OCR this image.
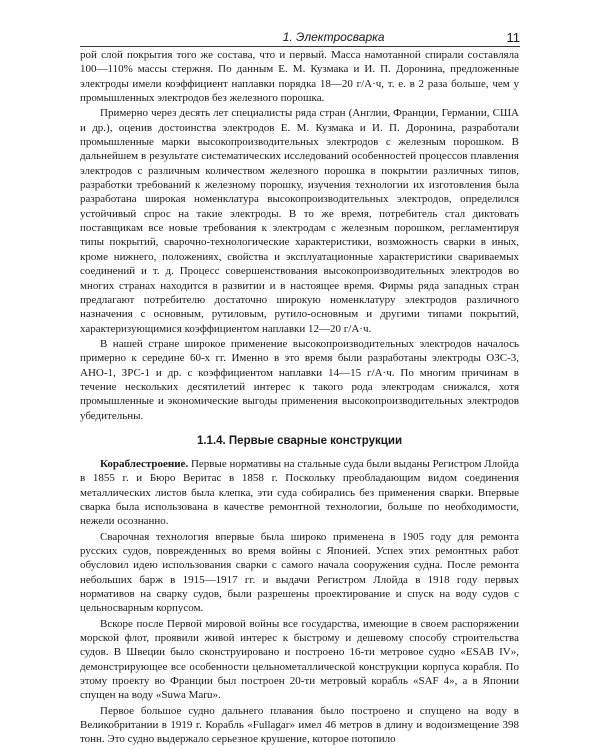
1. Электросварка	11

рой слой покрытия того же состава, что и первый. Масса намотанной спирали составляла 100—110% массы стержня. По данным Е. М. Кузмака и И. П. Доронина, предложенные электроды имели коэффициент наплавки порядка 18—20 г/А·ч, т. е. в 2 раза больше, чем у промышленных электродов без железного порошка.

Примерно через десять лет специалисты ряда стран (Англии, Франции, Германии, США и др.), оценив достоинства электродов Е. М. Кузмака и И. П. Доронина, разработали промышленные марки высокопроизводительных электродов с железным порошком. В дальнейшем в результате систематических исследований особенностей процессов плавления электродов с различным количеством железного порошка в покрытии различных типов, разработки требований к железному порошку, изучения технологии их изготовления была разработана широкая номенклатура высокопроизводительных электродов, определился устойчивый спрос на такие электроды. В то же время, потребитель стал диктовать поставщикам все новые требования к электродам с железным порошком, регламентируя типы покрытий, сварочно-технологические характеристики, возможность сварки в иных, кроме нижнего, положениях, свойства и эксплуатационные характеристики свариваемых соединений и т. д. Процесс совершенствования высокопроизводительных электродов во многих странах находится в развитии и в настоящее время. Фирмы ряда западных стран предлагают потребителю достаточно широкую номенклатуру электродов различного назначения с основным, рутиловым, рутило-основным и другими типами покрытий, характеризующимися коэффициентом наплавки 12—20 г/А·ч.

В нашей стране широкое применение высокопроизводительных электродов началось примерно к середине 60-х гг. Именно в это время были разработаны электроды ОЗС-3, АНО-1, ЗРС-1 и др. с коэффициентом наплавки 14—15 г/А·ч. По многим причинам в течение нескольких десятилетий интерес к такого рода электродам снижался, хотя промышленные и экономические выгоды применения высокопроизводительных электродов убедительны.

1.1.4. Первые сварные конструкции

Кораблестроение. Первые нормативы на стальные суда были выданы Регистром Ллойда в 1855 г. и Бюро Веритас в 1858 г. Поскольку преобладающим видом соединения металлических листов была клепка, эти суда собирались без применения сварки. Впервые сварка была использована в качестве ремонтной технологии, больше по необходимости, нежели осознанно.

Сварочная технология впервые была широко применена в 1905 году для ремонта русских судов, поврежденных во время войны с Японией. Успех этих ремонтных работ обусловил идею использования сварки с самого начала сооружения судна. После ремонта небольших барж в 1915—1917 гг. и выдачи Регистром Ллойда в 1918 году первых нормативов на сварку судов, были разрешены проектирование и спуск на воду судов с цельносварным корпусом.

Вскоре после Первой мировой войны все государства, имеющие в своем распоряжении морской флот, проявили живой интерес к быстрому и дешевому способу строительства судов. В Швеции было сконструировано и построено 16-ти метровое судно «ESAB IV», демонстрирующее все особенности цельнометаллической конструкции корпуса корабля. По этому проекту во Франции был построен 20-ти метровый корабль «SAF 4», а в Японии спущен на воду «Suwa Maru».

Первое большое судно дальнего плавания было построено и спущено на воду в Великобритании в 1919 г. Корабль «Fullagar» имел 46 метров в длину и водоизмещение 398 тонн. Это судно выдержало серьезное крушение, которое потопило
